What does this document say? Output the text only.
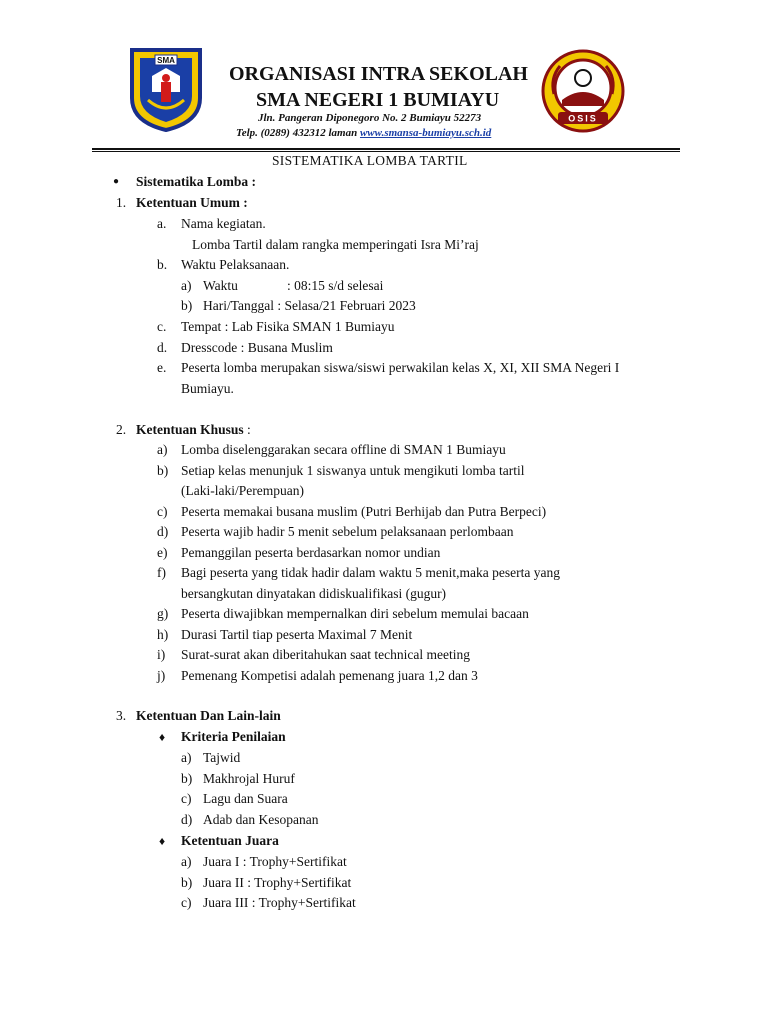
SMA
ORGANISASI INTRA SEKOLAH
SMA NEGERI 1 BUMIAYU
Jln. Pangeran Diponegoro No. 2 Bumiayu 52273
Telp. (0289) 432312 laman www.smansa-bumiayu.sch.id
OSIS
SISTEMATIKA LOMBA TARTIL
● Sistematika Lomba :
1. Ketentuan Umum :
a. Nama kegiatan.
Lomba Tartil dalam rangka memperingati Isra Mi’raj
b. Waktu Pelaksanaan.
a) Waktu	: 08:15 s/d selesai
b) Hari/Tanggal : Selasa/21 Februari 2023
c. Tempat : Lab Fisika SMAN 1 Bumiayu
d. Dresscode : Busana Muslim
e. Peserta lomba merupakan siswa/siswi perwakilan kelas X, XI, XII SMA Negeri I
Bumiayu.
2. Ketentuan Khusus :
a) Lomba diselenggarakan secara offline di SMAN 1 Bumiayu
b) Setiap kelas menunjuk 1 siswanya untuk mengikuti lomba tartil
(Laki-laki/Perempuan)
c) Peserta memakai busana muslim (Putri Berhijab dan Putra Berpeci)
d) Peserta wajib hadir 5 menit sebelum pelaksanaan perlombaan
e) Pemanggilan peserta berdasarkan nomor undian
f) Bagi peserta yang tidak hadir dalam waktu 5 menit,maka peserta yang
bersangkutan dinyatakan didiskualifikasi (gugur)
g) Peserta diwajibkan mempernalkan diri sebelum memulai bacaan
h) Durasi Tartil tiap peserta Maximal 7 Menit
i) Surat-surat akan diberitahukan saat technical meeting
j) Pemenang Kompetisi adalah pemenang juara 1,2 dan 3
3. Ketentuan Dan Lain-lain
♦ Kriteria Penilaian
a) Tajwid
b) Makhrojal Huruf
c) Lagu dan Suara
d) Adab dan Kesopanan
♦ Ketentuan Juara
a) Juara I : Trophy+Sertifikat
b) Juara II : Trophy+Sertifikat
c) Juara III : Trophy+Sertifikat
